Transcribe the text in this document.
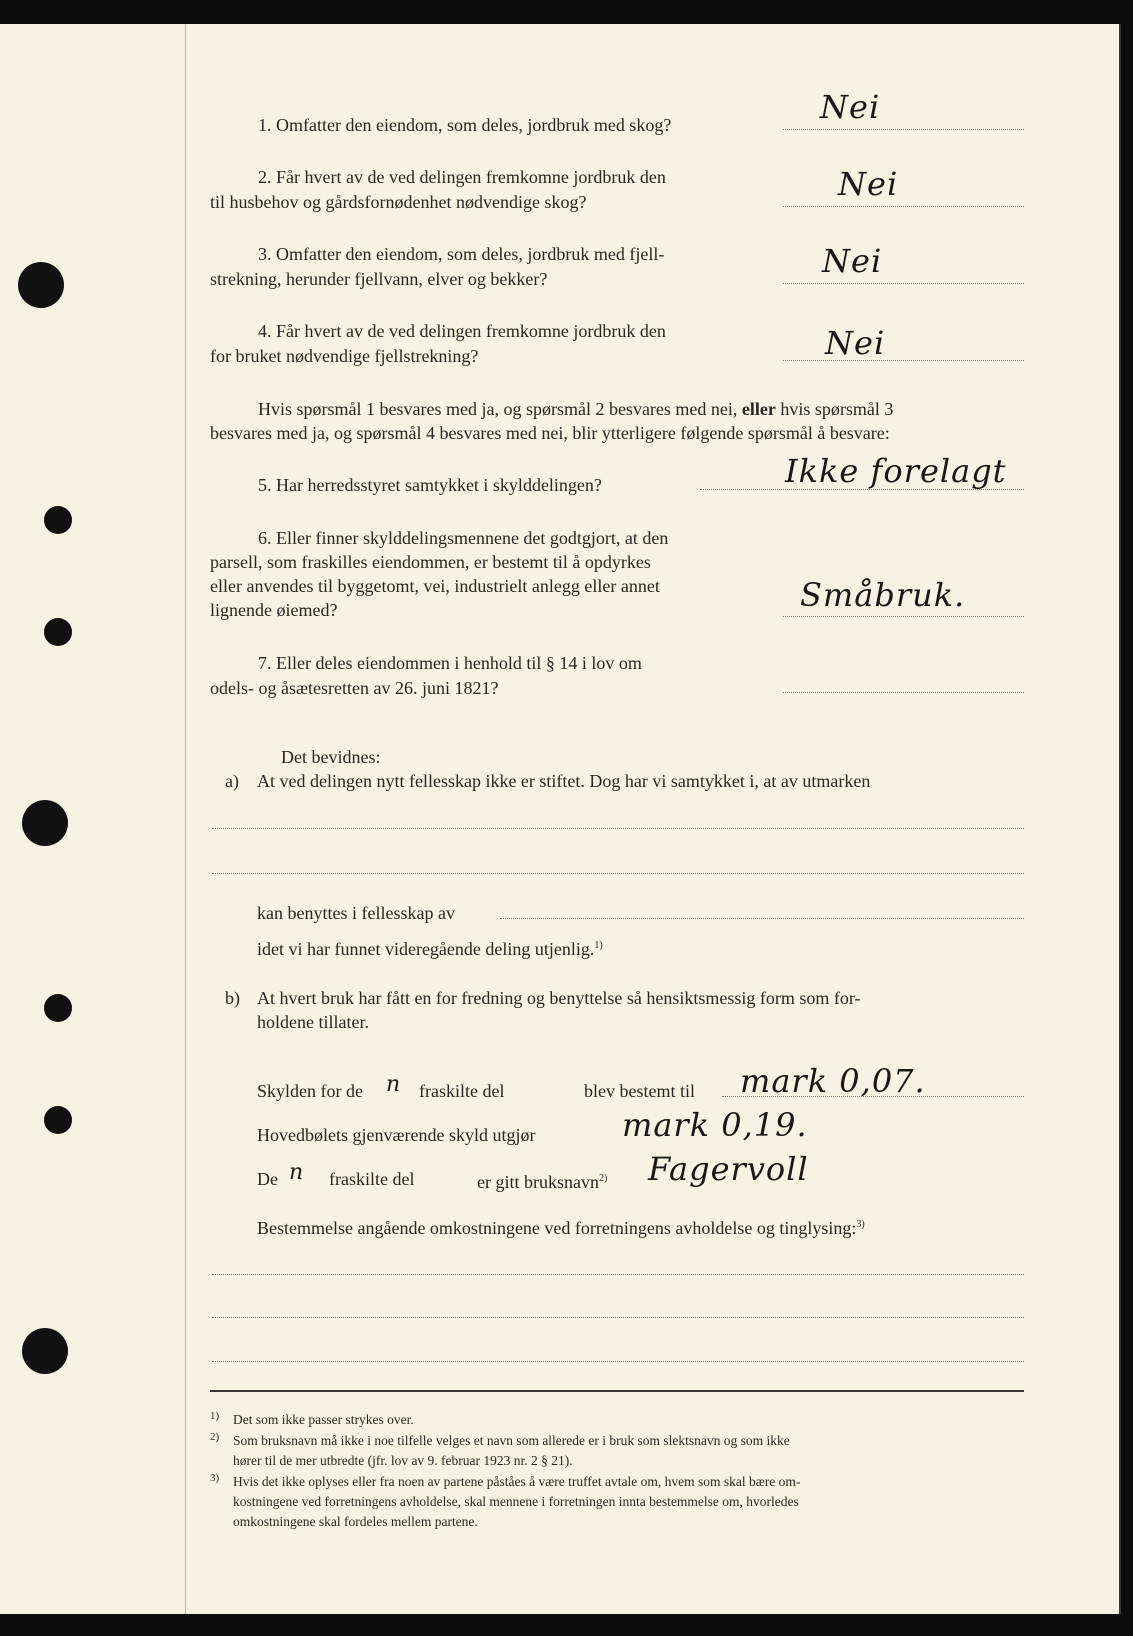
1. Omfatter den eiendom, som deles, jordbruk med skog?	Nei
2. Får hvert av de ved delingen fremkomne jordbruk den
til husbehov og gårdsfornødenhet nødvendige skog?	Nei
3. Omfatter den eiendom, som deles, jordbruk med fjell-
strekning, herunder fjellvann, elver og bekker?	Nei
4. Får hvert av de ved delingen fremkomne jordbruk den
for bruket nødvendige fjellstrekning?	Nei
Hvis spørsmål 1 besvares med ja, og spørsmål 2 besvares med nei, eller hvis spørsmål 3
besvares med ja, og spørsmål 4 besvares med nei, blir ytterligere følgende spørsmål å besvare:
5. Har herredsstyret samtykket i skylddelingen?	Ikke forelagt
6. Eller finner skylddelingsmennene det godtgjort, at den
parsell, som fraskilles eiendommen, er bestemt til å opdyrkes
eller anvendes til byggetomt, vei, industrielt anlegg eller annet
lignende øiemed?	Småbruk.
7. Eller deles eiendommen i henhold til § 14 i lov om
odels- og åsætesretten av 26. juni 1821?
Det bevidnes:
a) At ved delingen nytt fellesskap ikke er stiftet. Dog har vi samtykket i, at av utmarken
kan benyttes i fellesskap av
idet vi har funnet videregående deling utjenlig.$^{1)}$
b) At hvert bruk har fått en for fredning og benyttelse så hensiktsmessig form som for-
holdene tillater.
Skylden for de n fraskilte del	blev bestemt til mark 0,07.
Hovedbølets gjenværende skyld utgjør	mark 0,19.
De n fraskilte del	er gitt bruksnavn$^{2)}$ Fagervoll
Bestemmelse angående omkostningene ved forretningens avholdelse og tinglysing:$^{3)}$
1) Det som ikke passer strykes over.
2) Som bruksnavn må ikke i noe tilfelle velges et navn som allerede er i bruk som slektsnavn og som ikke
hører til de mer utbredte (jfr. lov av 9. februar 1923 nr. 2 § 21).
3) Hvis det ikke oplyses eller fra noen av partene påståes å være truffet avtale om, hvem som skal bære om-
kostningene ved forretningens avholdelse, skal mennene i forretningen innta bestemmelse om, hvorledes
omkostningene skal fordeles mellem partene.
